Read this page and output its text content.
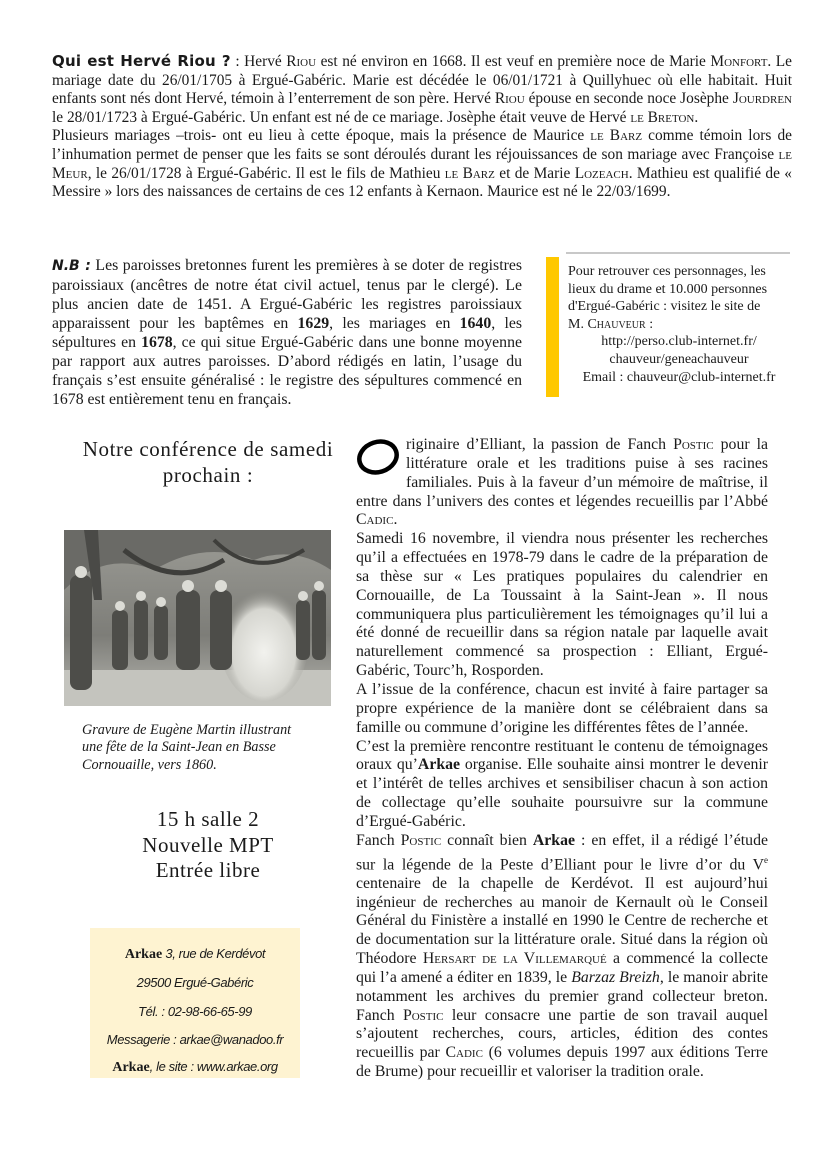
Qui est Hervé Riou ? : Hervé Riou est né environ en 1668. Il est veuf en première noce de Marie Monfort. Le mariage date du 26/01/1705 à Ergué-Gabéric. Marie est décédée le 06/01/1721 à Quillyhuec où elle habitait. Huit enfants sont nés dont Hervé, témoin à l’enterrement de son père. Hervé Riou épouse en seconde noce Josèphe Jourdren le 28/01/1723 à Ergué-Gabéric. Un enfant est né de ce mariage. Josèphe était veuve de Hervé le Breton.

Plusieurs mariages –trois- ont eu lieu à cette époque, mais la présence de Maurice le Barz comme témoin lors de l’inhumation permet de penser que les faits se sont déroulés durant les réjouissances de son mariage avec Françoise le Meur, le 26/01/1728 à Ergué-Gabéric. Il est le fils de Mathieu le Barz et de Marie Lozeach. Mathieu est qualifié de « Messire » lors des naissances de certains de ces 12 enfants à Kernaon. Maurice est né le 22/03/1699.

N.B : Les paroisses bretonnes furent les premières à se doter de registres paroissiaux (ancêtres de notre état civil actuel, tenus par le clergé). Le plus ancien date de 1451. A Ergué-Gabéric les registres paroissiaux apparaissent pour les baptêmes en 1629, les mariages en 1640, les sépultures en 1678, ce qui situe Ergué-Gabéric dans une bonne moyenne par rapport aux autres paroisses. D’abord rédigés en latin, l’usage du français s’est ensuite généralisé : le registre des sépultures commencé en 1678 est entièrement tenu en français.

Pour retrouver ces personnages, les
lieux du drame et 10.000 personnes
d'Ergué-Gabéric : visitez le site de
M. Chauveur :
http://perso.club-internet.fr/
chauveur/geneachauveur
Email : chauveur@club-internet.fr
Notre conférence de samedi
prochain :
Gravure de Eugène Martin illustrant
une fête de la Saint-Jean en Basse
Cornouaille, vers 1860.
15 h salle 2
Nouvelle MPT
Entrée libre
Arkae 3, rue de Kerdévot
29500 Ergué-Gabéric
Tél. : 02-98-66-65-99
Messagerie : arkae@wanadoo.fr
Arkae, le site : www.arkae.org

riginaire d’Elliant, la passion de Fanch Postic pour la littérature orale et les traditions puise à ses racines familiales. Puis à la faveur d’un mémoire de maîtrise, il entre dans l’univers des contes et légendes recueillis par l’Abbé Cadic.

Samedi 16 novembre, il viendra nous présenter les recherches qu’il a effectuées en 1978-79 dans le cadre de la préparation de sa thèse sur « Les pratiques populaires du calendrier en Cornouaille, de La Toussaint à la Saint-Jean ». Il nous communiquera plus particulièrement les témoignages qu’il lui a été donné de recueillir dans sa région natale par laquelle avait naturellement commencé sa prospection : Elliant, Ergué-Gabéric, Tourc’h, Rosporden.

A l’issue de la conférence, chacun est invité à faire partager sa propre expérience de la manière dont se célébraient dans sa famille ou commune d’origine les différentes fêtes de l’année.

C’est la première rencontre restituant le contenu de témoignages oraux qu’Arkae organise. Elle souhaite ainsi montrer le devenir et l’intérêt de telles archives et sensibiliser chacun à son action de collectage qu’elle souhaite poursuivre sur la commune d’Ergué-Gabéric.

Fanch Postic connaît bien Arkae : en effet, il a rédigé l’étude sur la légende de la Peste d’Elliant pour le livre d’or du Ve centenaire de la chapelle de Kerdévot. Il est aujourd’hui ingénieur de recherches au manoir de Kernault où le Conseil Général du Finistère a installé en 1990 le Centre de recherche et de documentation sur la littérature orale. Situé dans la région où Théodore Hersart de la Villemarqué a commencé la collecte qui l’a amené a éditer en 1839, le Barzaz Breizh, le manoir abrite notamment les archives du premier grand collecteur breton. Fanch Postic leur consacre une partie de son travail auquel s’ajoutent recherches, cours, articles, édition des contes recueillis par Cadic (6 volumes depuis 1997 aux éditions Terre de Brume) pour recueillir et valoriser la tradition orale.
